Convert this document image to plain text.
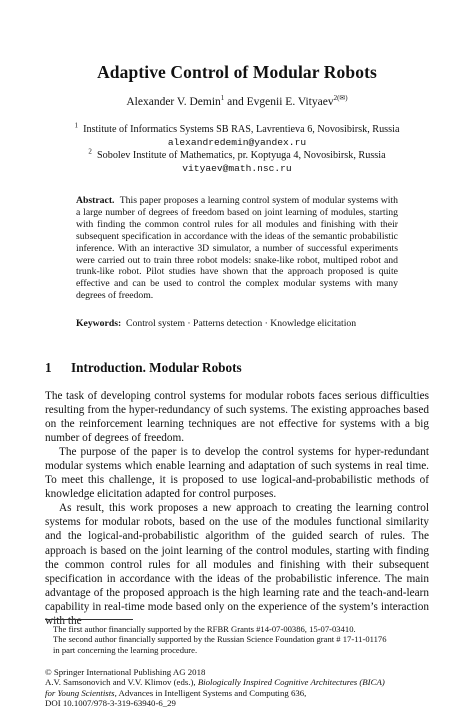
Adaptive Control of Modular Robots
Alexander V. Demin$^1$ and Evgenii E. Vityaev$^{2(✉)}$
$^1$ Institute of Informatics Systems SB RAS, Lavrentieva 6, Novosibirsk, Russia
alexandredemin@yandex.ru
$^2$ Sobolev Institute of Mathematics, pr. Koptyuga 4, Novosibirsk, Russia
vityaev@math.nsc.ru
Abstract. This paper proposes a learning control system of modular systems with a large number of degrees of freedom based on joint learning of modules, starting with finding the common control rules for all modules and finishing with their subsequent specification in accordance with the ideas of the semantic probabilistic inference. With an interactive 3D simulator, a number of successful experiments were carried out to train three robot models: snake-like robot, multiped robot and trunk-like robot. Pilot studies have shown that the approach proposed is quite effective and can be used to control the complex modular systems with many degrees of freedom.
Keywords: Control system · Patterns detection · Knowledge elicitation
1 Introduction. Modular Robots

The task of developing control systems for modular robots faces serious difficulties resulting from the hyper-redundancy of such systems. The existing approaches based on the reinforcement learning techniques are not effective for systems with a big number of degrees of freedom.

The purpose of the paper is to develop the control systems for hyper-redundant modular systems which enable learning and adaptation of such systems in real time. To meet this challenge, it is proposed to use logical-and-probabilistic methods of knowledge elicitation adapted for control purposes.

As result, this work proposes a new approach to creating the learning control systems for modular robots, based on the use of the modules functional similarity and the logical-and-probabilistic algorithm of the guided search of rules. The approach is based on the joint learning of the control modules, starting with finding the common control rules for all modules and finishing with their subsequent specification in accordance with the ideas of the probabilistic inference. The main advantage of the proposed approach is the high learning rate and the teach-and-learn capability in real-time mode based only on the experience of the system’s interaction with the

The first author financially supported by the RFBR Grants #14-07-00386, 15-07-03410.
The second author financially supported by the Russian Science Foundation grant # 17-11-01176
in part concerning the learning procedure.
© Springer International Publishing AG 2018
A.V. Samsonovich and V.V. Klimov (eds.), Biologically Inspired Cognitive Architectures (BICA)
for Young Scientists, Advances in Intelligent Systems and Computing 636,
DOI 10.1007/978-3-319-63940-6_29
